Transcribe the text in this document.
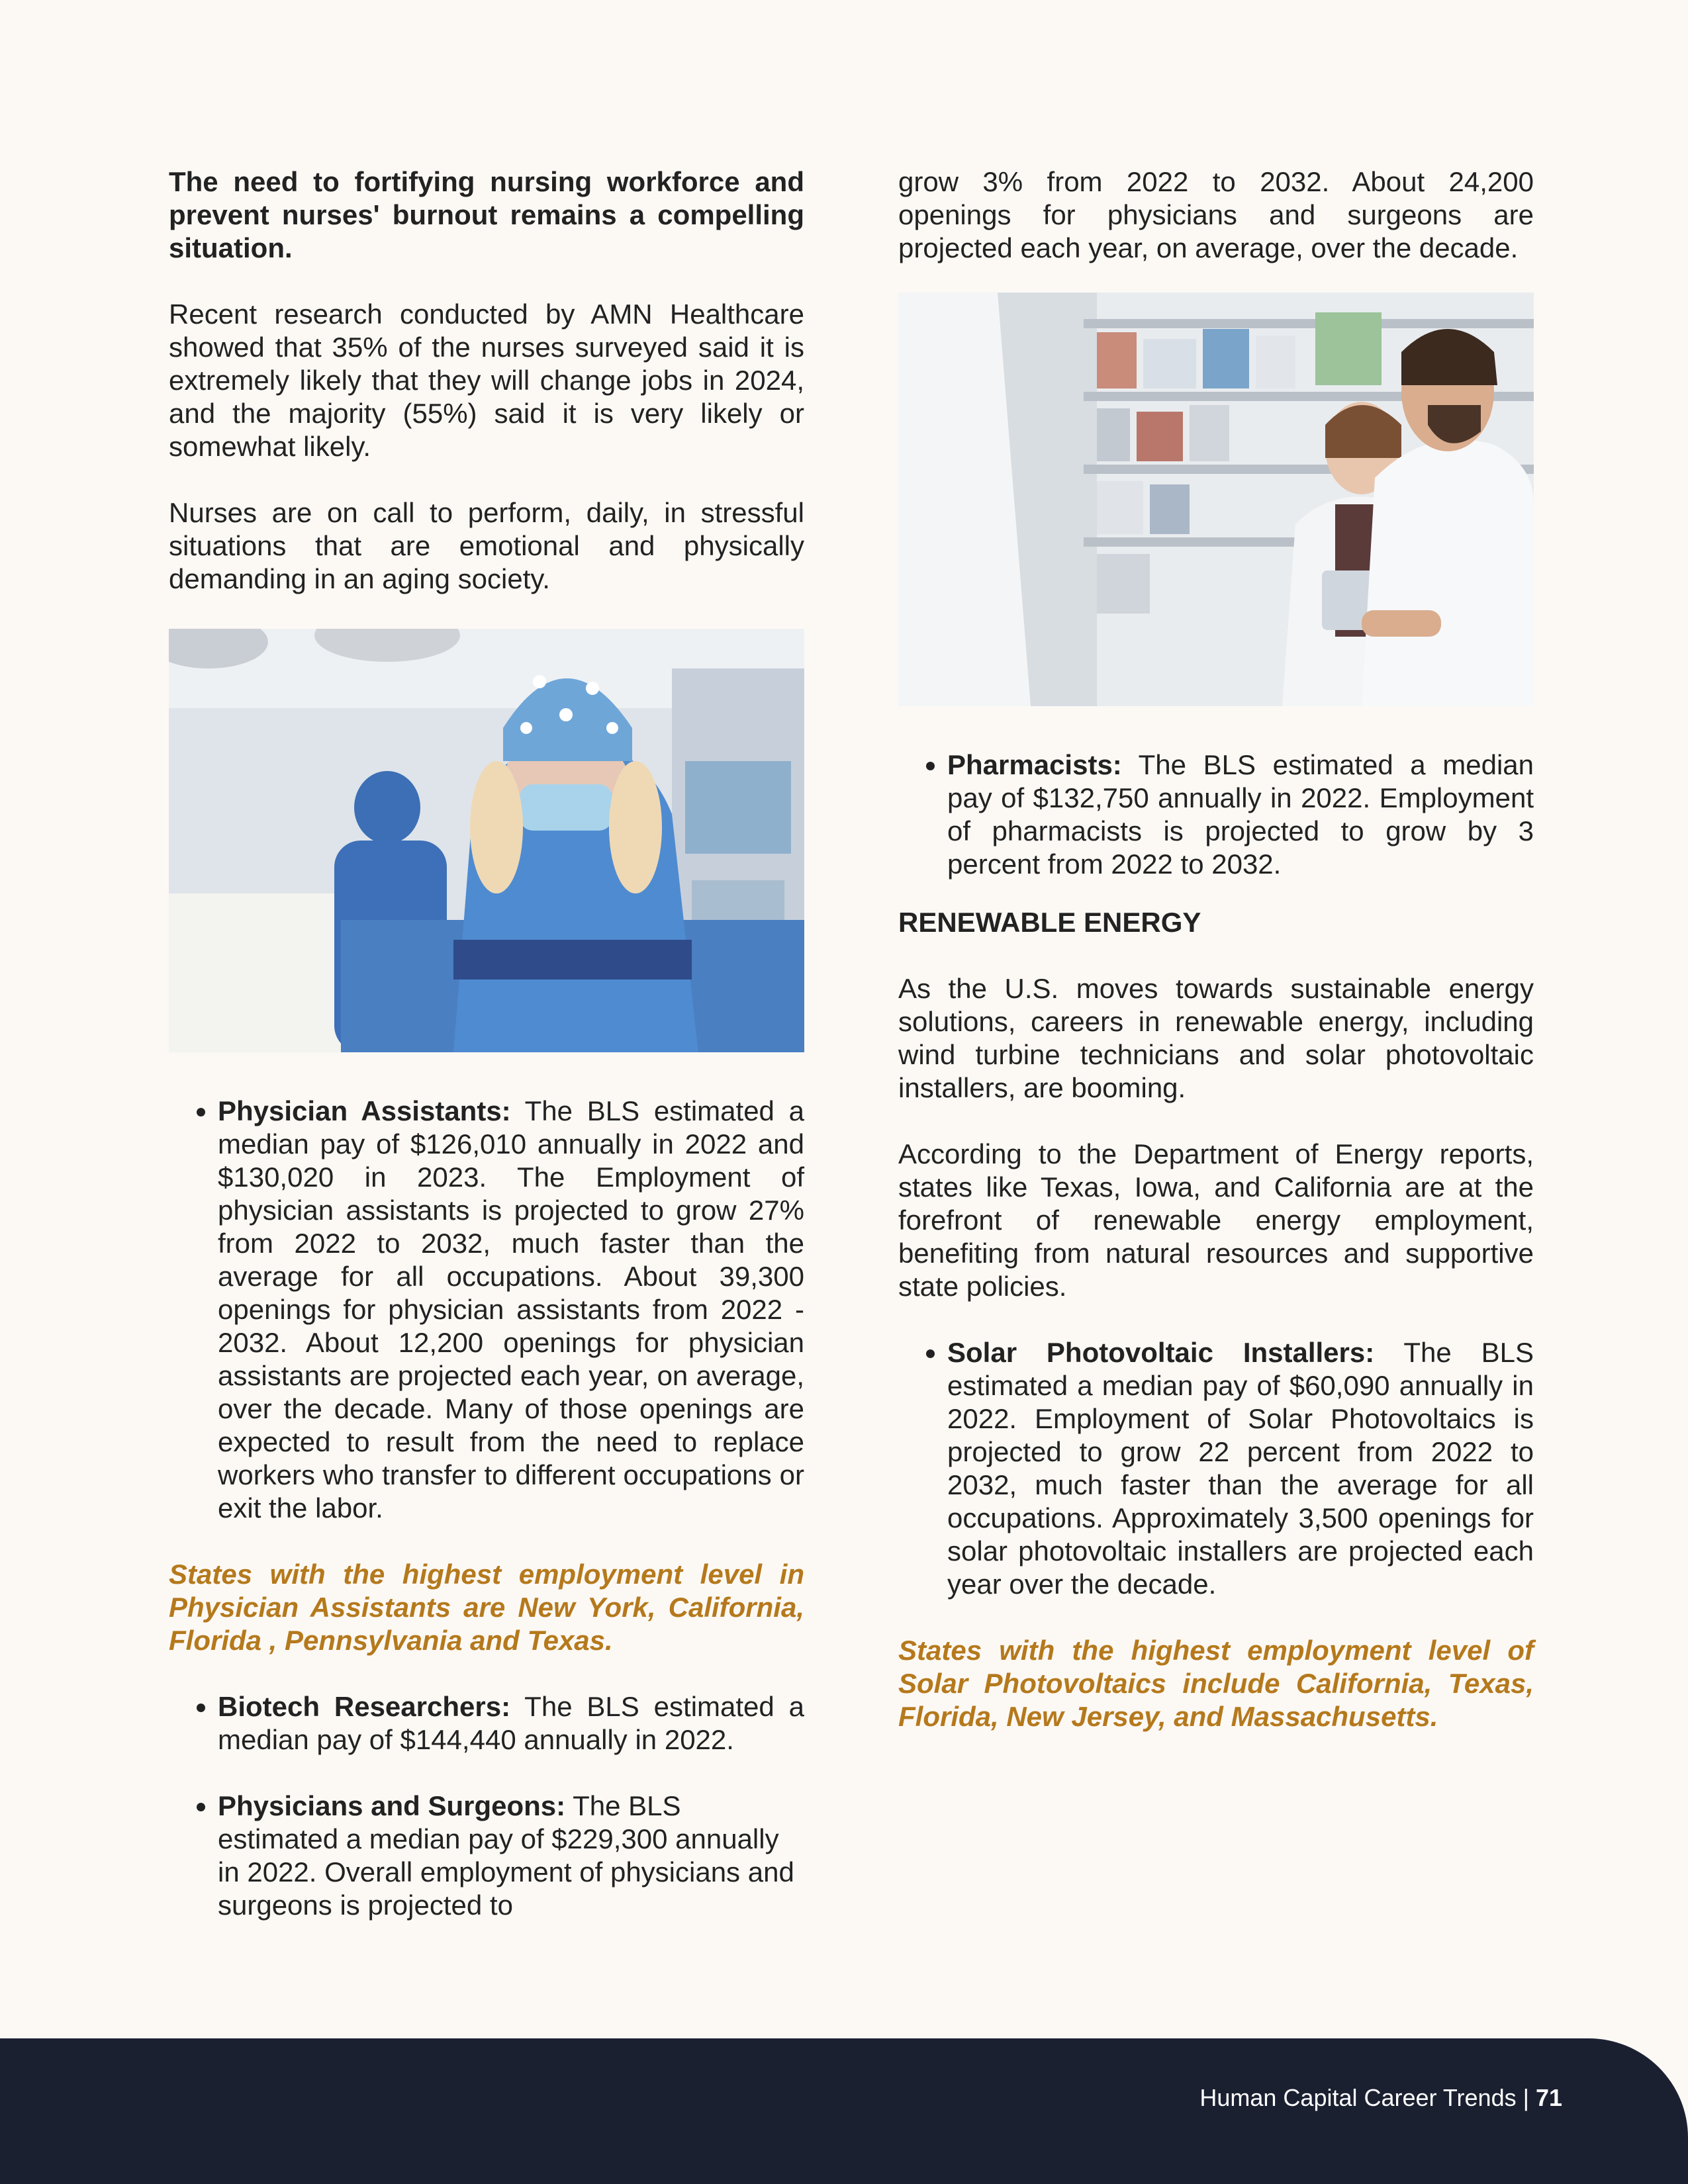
The need to fortifying nursing workforce and prevent nurses' burnout remains a compelling situation.

Recent research conducted by AMN Healthcare showed that 35% of the nurses surveyed said it is extremely likely that they will change jobs in 2024, and the majority (55%) said it is very likely or somewhat likely.

Nurses are on call to perform, daily, in stressful situations that are emotional and physically demanding in an aging society.

• Physician Assistants: The BLS estimated a median pay of $126,010 annually in 2022 and $130,020 in 2023. The Employment of physician assistants is projected to grow 27% from 2022 to 2032, much faster than the average for all occupations. About 39,300 openings for physician assistants from 2022 - 2032. About 12,200 openings for physician assistants are projected each year, on average, over the decade. Many of those openings are expected to result from the need to replace workers who transfer to different occupations or exit the labor.

States with the highest employment level in Physician Assistants are New York, California, Florida , Pennsylvania and Texas.

• Biotech Researchers: The BLS estimated a median pay of $144,440 annually in 2022.
• Physicians and Surgeons: The BLS estimated a median pay of $229,300 annually in 2022. Overall employment of physicians and surgeons is projected to

grow 3% from 2022 to 2032. About 24,200 openings for physicians and surgeons are projected each year, on average, over the decade.

• Pharmacists: The BLS estimated a median pay of $132,750 annually in 2022. Employment of pharmacists is projected to grow by 3 percent from 2022 to 2032.
RENEWABLE ENERGY

As the U.S. moves towards sustainable energy solutions, careers in renewable energy, including wind turbine technicians and solar photovoltaic installers, are booming.

According to the Department of Energy reports, states like Texas, Iowa, and California are at the forefront of renewable energy employment, benefiting from natural resources and supportive state policies.

• Solar Photovoltaic Installers: The BLS estimated a median pay of $60,090 annually in 2022. Employment of Solar Photovoltaics is projected to grow 22 percent from 2022 to 2032, much faster than the average for all occupations. Approximately 3,500 openings for solar photovoltaic installers are projected each year over the decade.

States with the highest employment level of Solar Photovoltaics include California, Texas, Florida, New Jersey, and Massachusetts.

Human Capital Career Trends | 71
